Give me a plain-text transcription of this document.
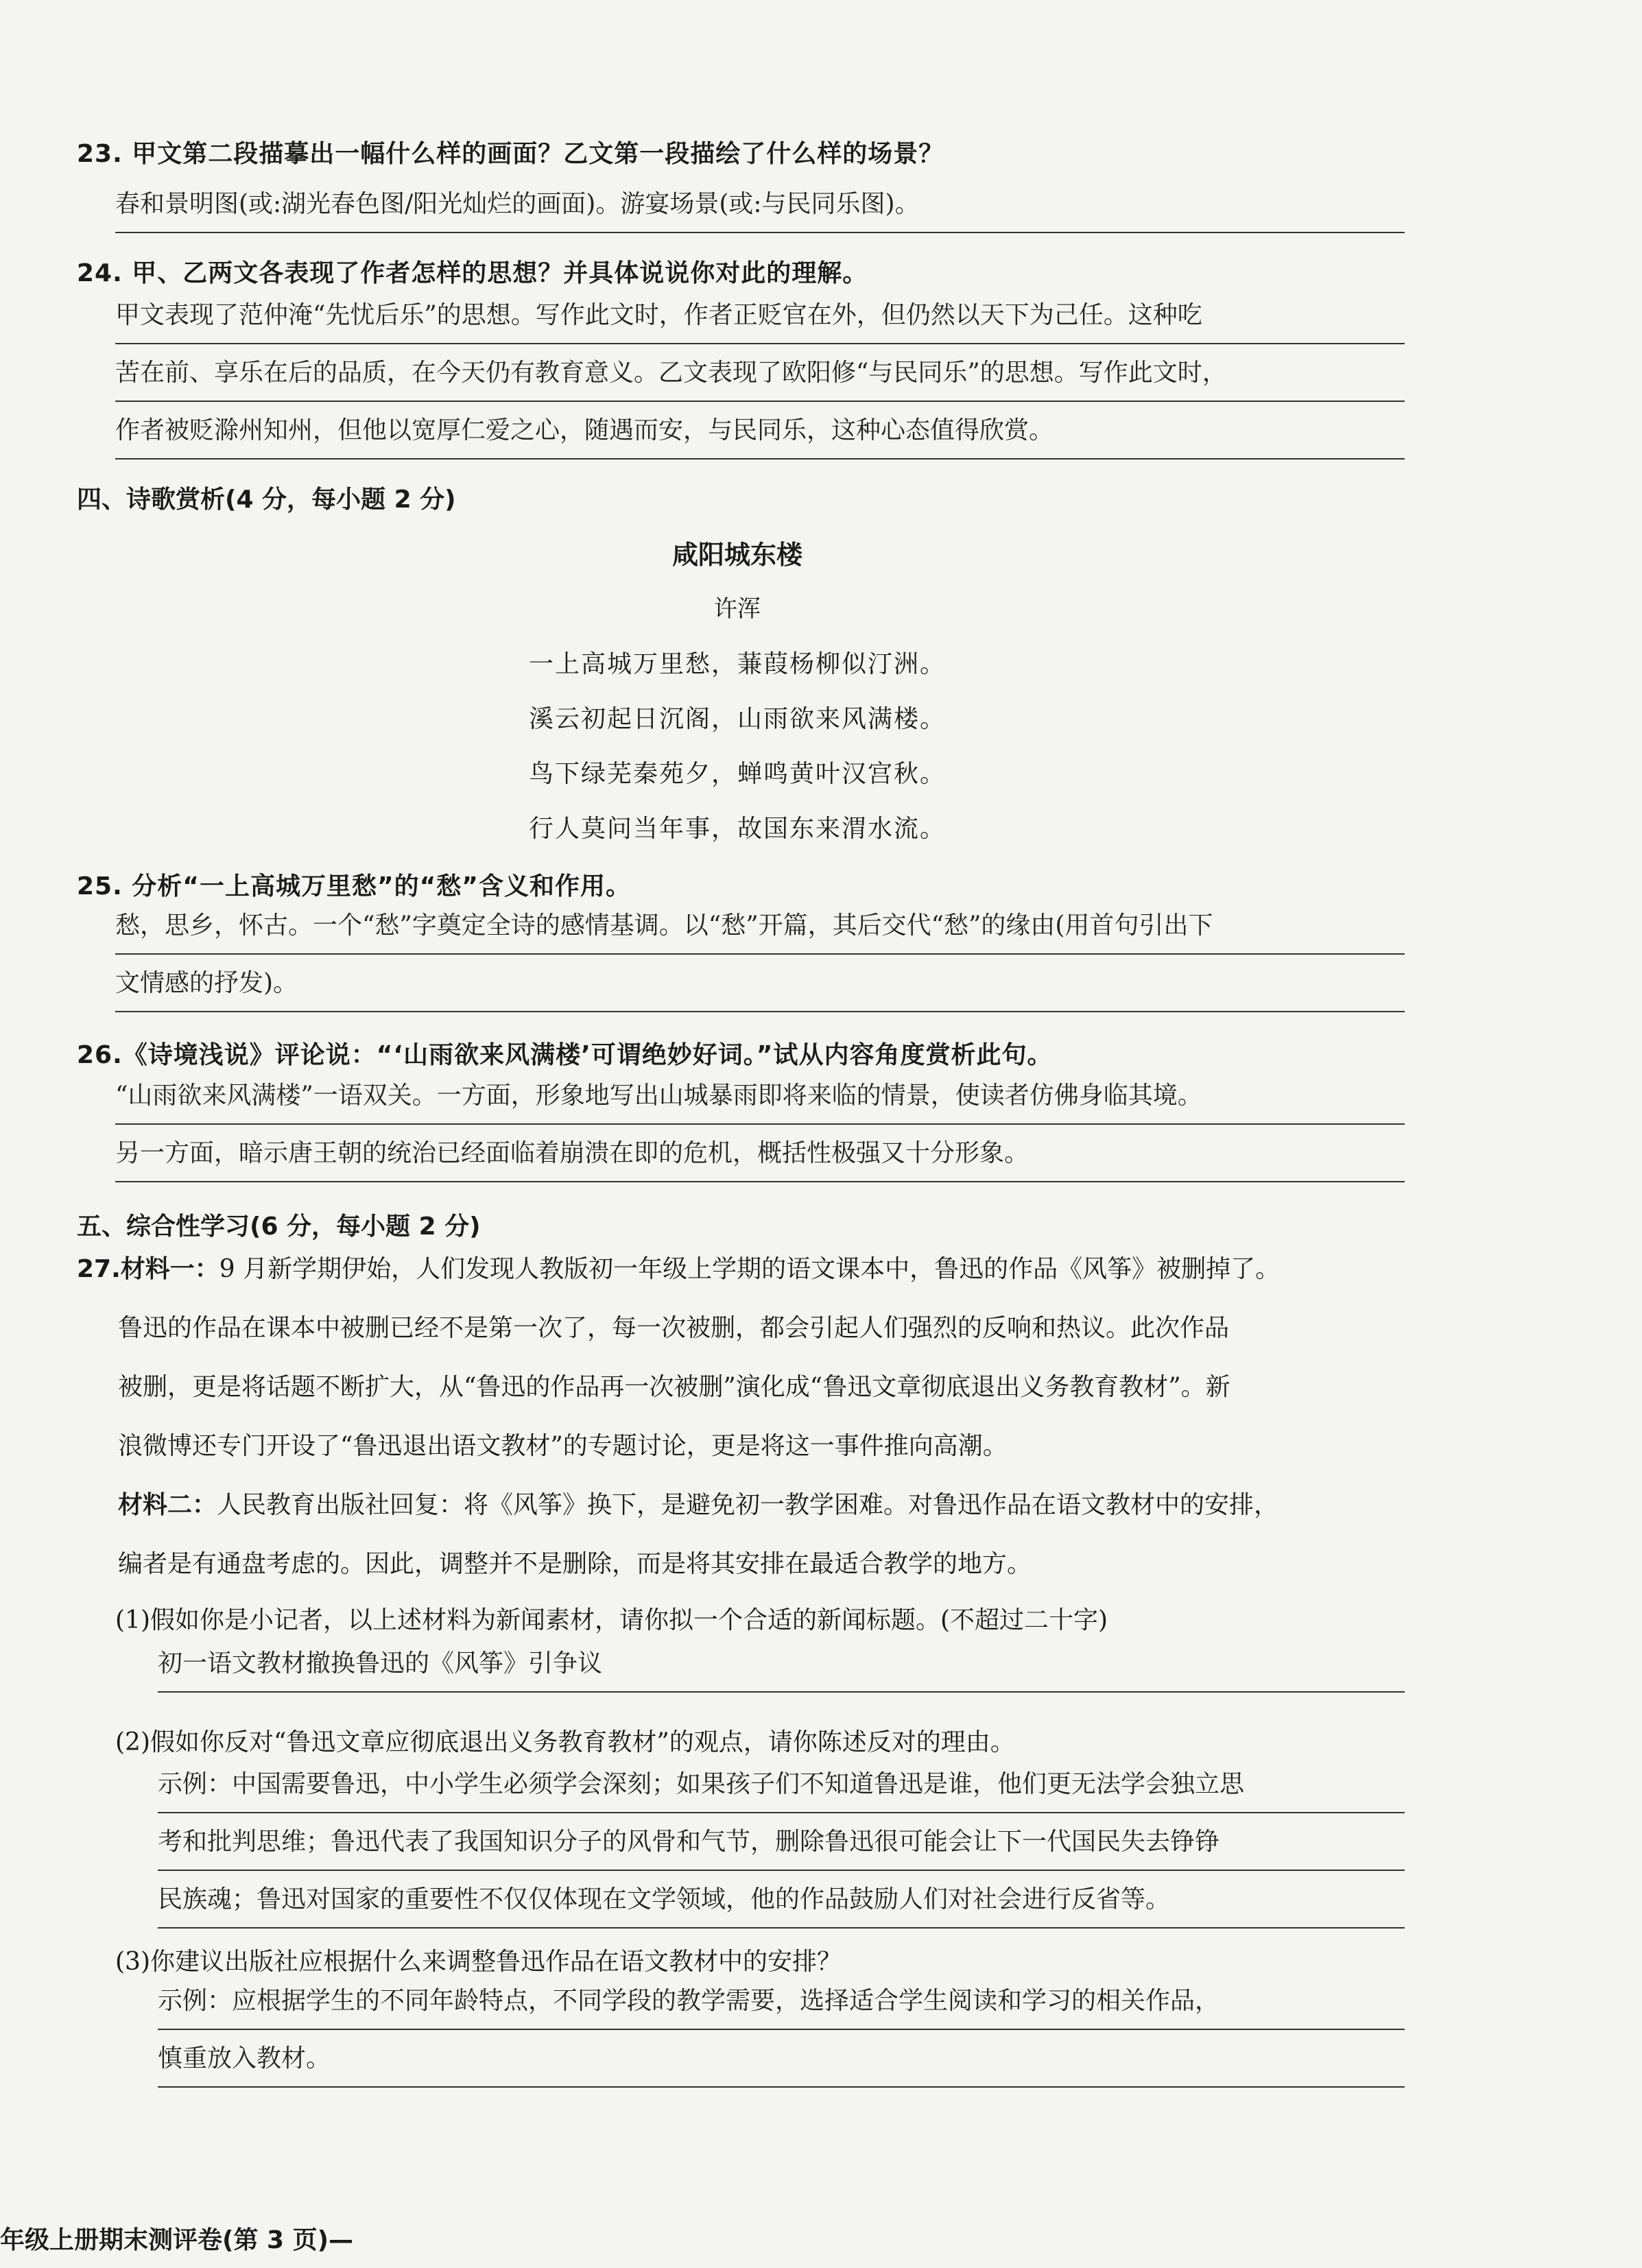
23. 甲文第二段描摹出一幅什么样的画面？乙文第一段描绘了什么样的场景？
春和景明图(或:湖光春色图/阳光灿烂的画面)。游宴场景(或:与民同乐图)。
24. 甲、乙两文各表现了作者怎样的思想？并具体说说你对此的理解。
甲文表现了范仲淹“先忧后乐”的思想。写作此文时，作者正贬官在外，但仍然以天下为己任。这种吃
苦在前、享乐在后的品质，在今天仍有教育意义。乙文表现了欧阳修“与民同乐”的思想。写作此文时，
作者被贬滁州知州，但他以宽厚仁爱之心，随遇而安，与民同乐，这种心态值得欣赏。
四、诗歌赏析(4 分，每小题 2 分)
咸阳城东楼
许浑
一上高城万里愁，蒹葭杨柳似汀洲。
溪云初起日沉阁，山雨欲来风满楼。
鸟下绿芜秦苑夕，蝉鸣黄叶汉宫秋。
行人莫问当年事，故国东来渭水流。
25. 分析“一上高城万里愁”的“愁”含义和作用。
愁，思乡，怀古。一个“愁”字奠定全诗的感情基调。以“愁”开篇，其后交代“愁”的缘由(用首句引出下
文情感的抒发)。
26.《诗境浅说》评论说：“‘山雨欲来风满楼’可谓绝妙好词。”试从内容角度赏析此句。
“山雨欲来风满楼”一语双关。一方面，形象地写出山城暴雨即将来临的情景，使读者仿佛身临其境。
另一方面，暗示唐王朝的统治已经面临着崩溃在即的危机，概括性极强又十分形象。
五、综合性学习(6 分，每小题 2 分)
27.材料一：9 月新学期伊始，人们发现人教版初一年级上学期的语文课本中，鲁迅的作品《风筝》被删掉了。
鲁迅的作品在课本中被删已经不是第一次了，每一次被删，都会引起人们强烈的反响和热议。此次作品
被删，更是将话题不断扩大，从“鲁迅的作品再一次被删”演化成“鲁迅文章彻底退出义务教育教材”。新
浪微博还专门开设了“鲁迅退出语文教材”的专题讨论，更是将这一事件推向高潮。
材料二：人民教育出版社回复：将《风筝》换下，是避免初一教学困难。对鲁迅作品在语文教材中的安排，
编者是有通盘考虑的。因此，调整并不是删除，而是将其安排在最适合教学的地方。
(1)假如你是小记者，以上述材料为新闻素材，请你拟一个合适的新闻标题。(不超过二十字)
初一语文教材撤换鲁迅的《风筝》引争议
(2)假如你反对“鲁迅文章应彻底退出义务教育教材”的观点，请你陈述反对的理由。
示例：中国需要鲁迅，中小学生必须学会深刻；如果孩子们不知道鲁迅是谁，他们更无法学会独立思
考和批判思维；鲁迅代表了我国知识分子的风骨和气节，删除鲁迅很可能会让下一代国民失去铮铮
民族魂；鲁迅对国家的重要性不仅仅体现在文学领域，他的作品鼓励人们对社会进行反省等。
(3)你建议出版社应根据什么来调整鲁迅作品在语文教材中的安排？
示例：应根据学生的不同年龄特点，不同学段的教学需要，选择适合学生阅读和学习的相关作品，
慎重放入教材。
年级上册期末测评卷(第 3 页)—
